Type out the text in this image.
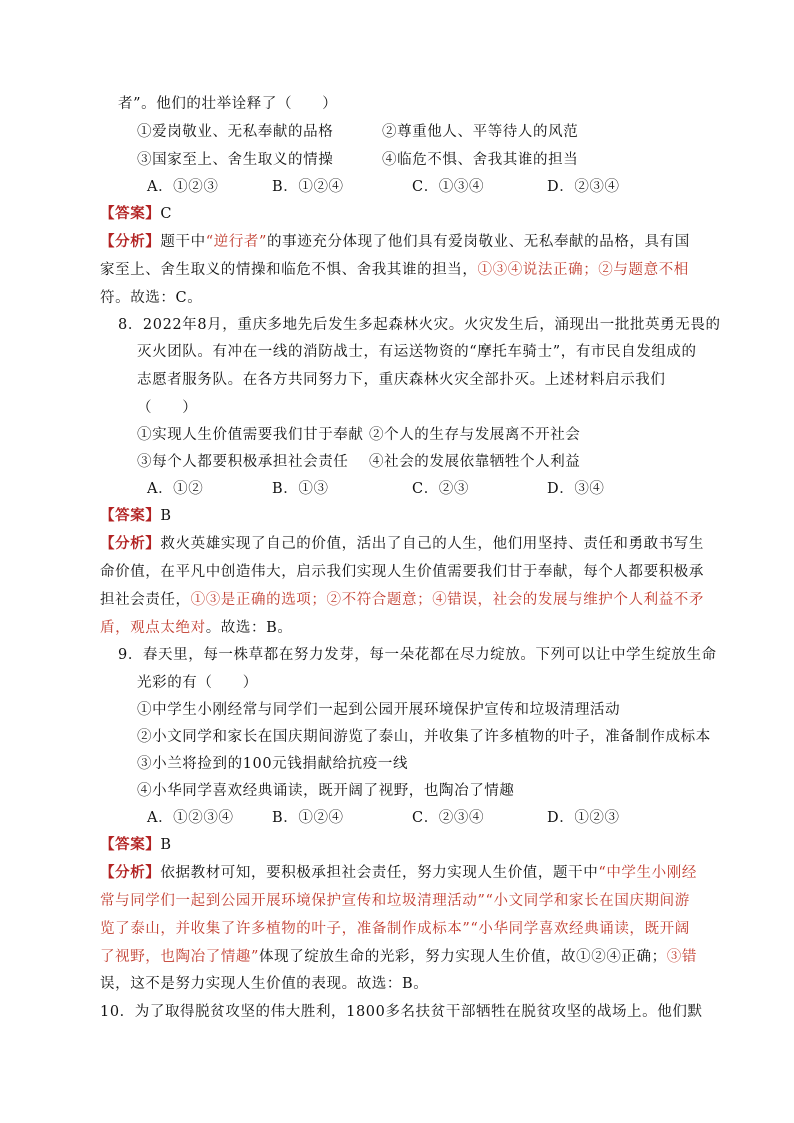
者”。他们的壮举诠释了（　　）
①爱岗敬业、无私奉献的品格	②尊重他人、平等待人的风范
③国家至上、舍生取义的情操	④临危不惧、舍我其谁的担当
A．①②③	B．①②④	C．①③④	D．②③④
【答案】C
【分析】题干中“逆行者”的事迹充分体现了他们具有爱岗敬业、无私奉献的品格，具有国
家至上、舍生取义的情操和临危不惧、舍我其谁的担当，①③④说法正确；②与题意不相
符。故选：C。
8．2022年8月，重庆多地先后发生多起森林火灾。火灾发生后，涌现出一批批英勇无畏的
灭火团队。有冲在一线的消防战士，有运送物资的“摩托车骑士”，有市民自发组成的
志愿者服务队。在各方共同努力下，重庆森林火灾全部扑灭。上述材料启示我们
（　　）
①实现人生价值需要我们甘于奉献 ②个人的生存与发展离不开社会
③每个人都要积极承担社会责任 ④社会的发展依靠牺牲个人利益
A．①②	B．①③	C．②③	D．③④
【答案】B
【分析】救火英雄实现了自己的价值，活出了自己的人生，他们用坚持、责任和勇敢书写生
命价值，在平凡中创造伟大，启示我们实现人生价值需要我们甘于奉献，每个人都要积极承
担社会责任，①③是正确的选项；②不符合题意；④错误，社会的发展与维护个人利益不矛
盾，观点太绝对。故选：B。
9．春天里，每一株草都在努力发芽，每一朵花都在尽力绽放。下列可以让中学生绽放生命
光彩的有（　　）
①中学生小刚经常与同学们一起到公园开展环境保护宣传和垃圾清理活动
②小文同学和家长在国庆期间游览了泰山，并收集了许多植物的叶子，准备制作成标本
③小兰将捡到的100元钱捐献给抗疫一线
④小华同学喜欢经典诵读，既开阔了视野，也陶冶了情趣
A．①②③④	B．①②④	C．②③④	D．①②③
【答案】B
【分析】依据教材可知，要积极承担社会责任，努力实现人生价值，题干中“中学生小刚经
常与同学们一起到公园开展环境保护宣传和垃圾清理活动”“小文同学和家长在国庆期间游
览了泰山，并收集了许多植物的叶子，准备制作成标本”“小华同学喜欢经典诵读，既开阔
了视野，也陶冶了情趣”体现了绽放生命的光彩，努力实现人生价值，故①②④正确；③错
误，这不是努力实现人生价值的表现。故选：B。
10．为了取得脱贫攻坚的伟大胜利，1800多名扶贫干部牺牲在脱贫攻坚的战场上。他们默
